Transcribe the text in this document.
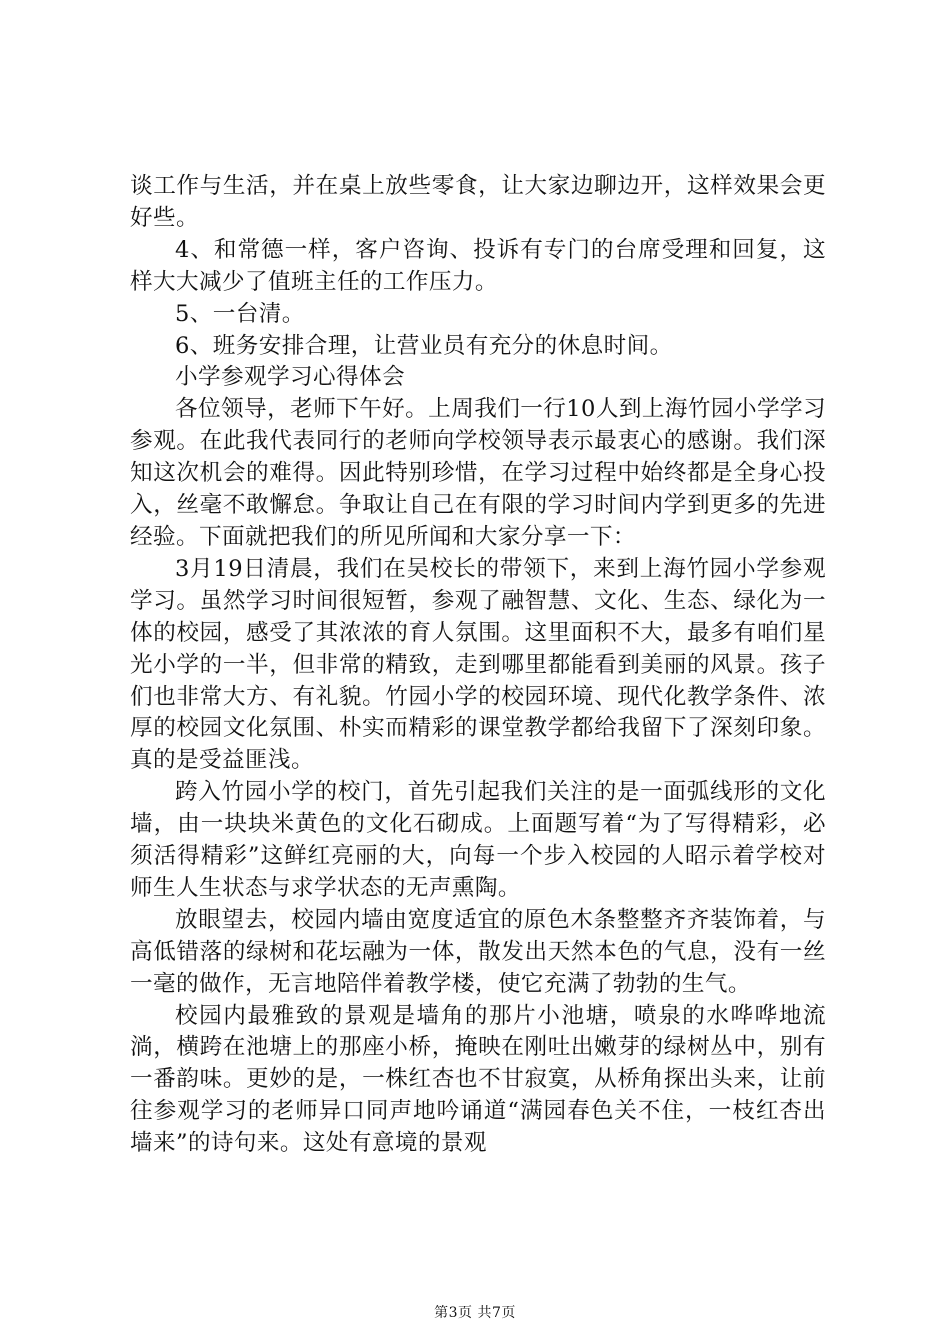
谈工作与生活，并在桌上放些零食，让大家边聊边开，这样效果会更好些。

4、和常德一样，客户咨询、投诉有专门的台席受理和回复，这样大大减少了值班主任的工作压力。

5、一台清。

6、班务安排合理，让营业员有充分的休息时间。

小学参观学习心得体会

各位领导，老师下午好。上周我们一行10人到上海竹园小学学习参观。在此我代表同行的老师向学校领导表示最衷心的感谢。我们深知这次机会的难得。因此特别珍惜，在学习过程中始终都是全身心投入，丝毫不敢懈怠。争取让自己在有限的学习时间内学到更多的先进经验。下面就把我们的所见所闻和大家分享一下：

3月19日清晨，我们在吴校长的带领下，来到上海竹园小学参观学习。虽然学习时间很短暂，参观了融智慧、文化、生态、绿化为一体的校园，感受了其浓浓的育人氛围。这里面积不大，最多有咱们星光小学的一半，但非常的精致，走到哪里都能看到美丽的风景。孩子们也非常大方、有礼貌。竹园小学的校园环境、现代化教学条件、浓厚的校园文化氛围、朴实而精彩的课堂教学都给我留下了深刻印象。真的是受益匪浅。

跨入竹园小学的校门，首先引起我们关注的是一面弧线形的文化墙，由一块块米黄色的文化石砌成。上面题写着“为了写得精彩，必须活得精彩”这鲜红亮丽的大，向每一个步入校园的人昭示着学校对师生人生状态与求学状态的无声熏陶。

放眼望去，校园内墙由宽度适宜的原色木条整整齐齐装饰着，与高低错落的绿树和花坛融为一体，散发出天然本色的气息，没有一丝一毫的做作，无言地陪伴着教学楼，使它充满了勃勃的生气。

校园内最雅致的景观是墙角的那片小池塘，喷泉的水哗哗地流淌，横跨在池塘上的那座小桥，掩映在刚吐出嫩芽的绿树丛中，别有一番韵味。更妙的是，一株红杏也不甘寂寞，从桥角探出头来，让前往参观学习的老师异口同声地吟诵道“满园春色关不住，一枝红杏出墙来”的诗句来。这处有意境的景观

第3页 共7页
